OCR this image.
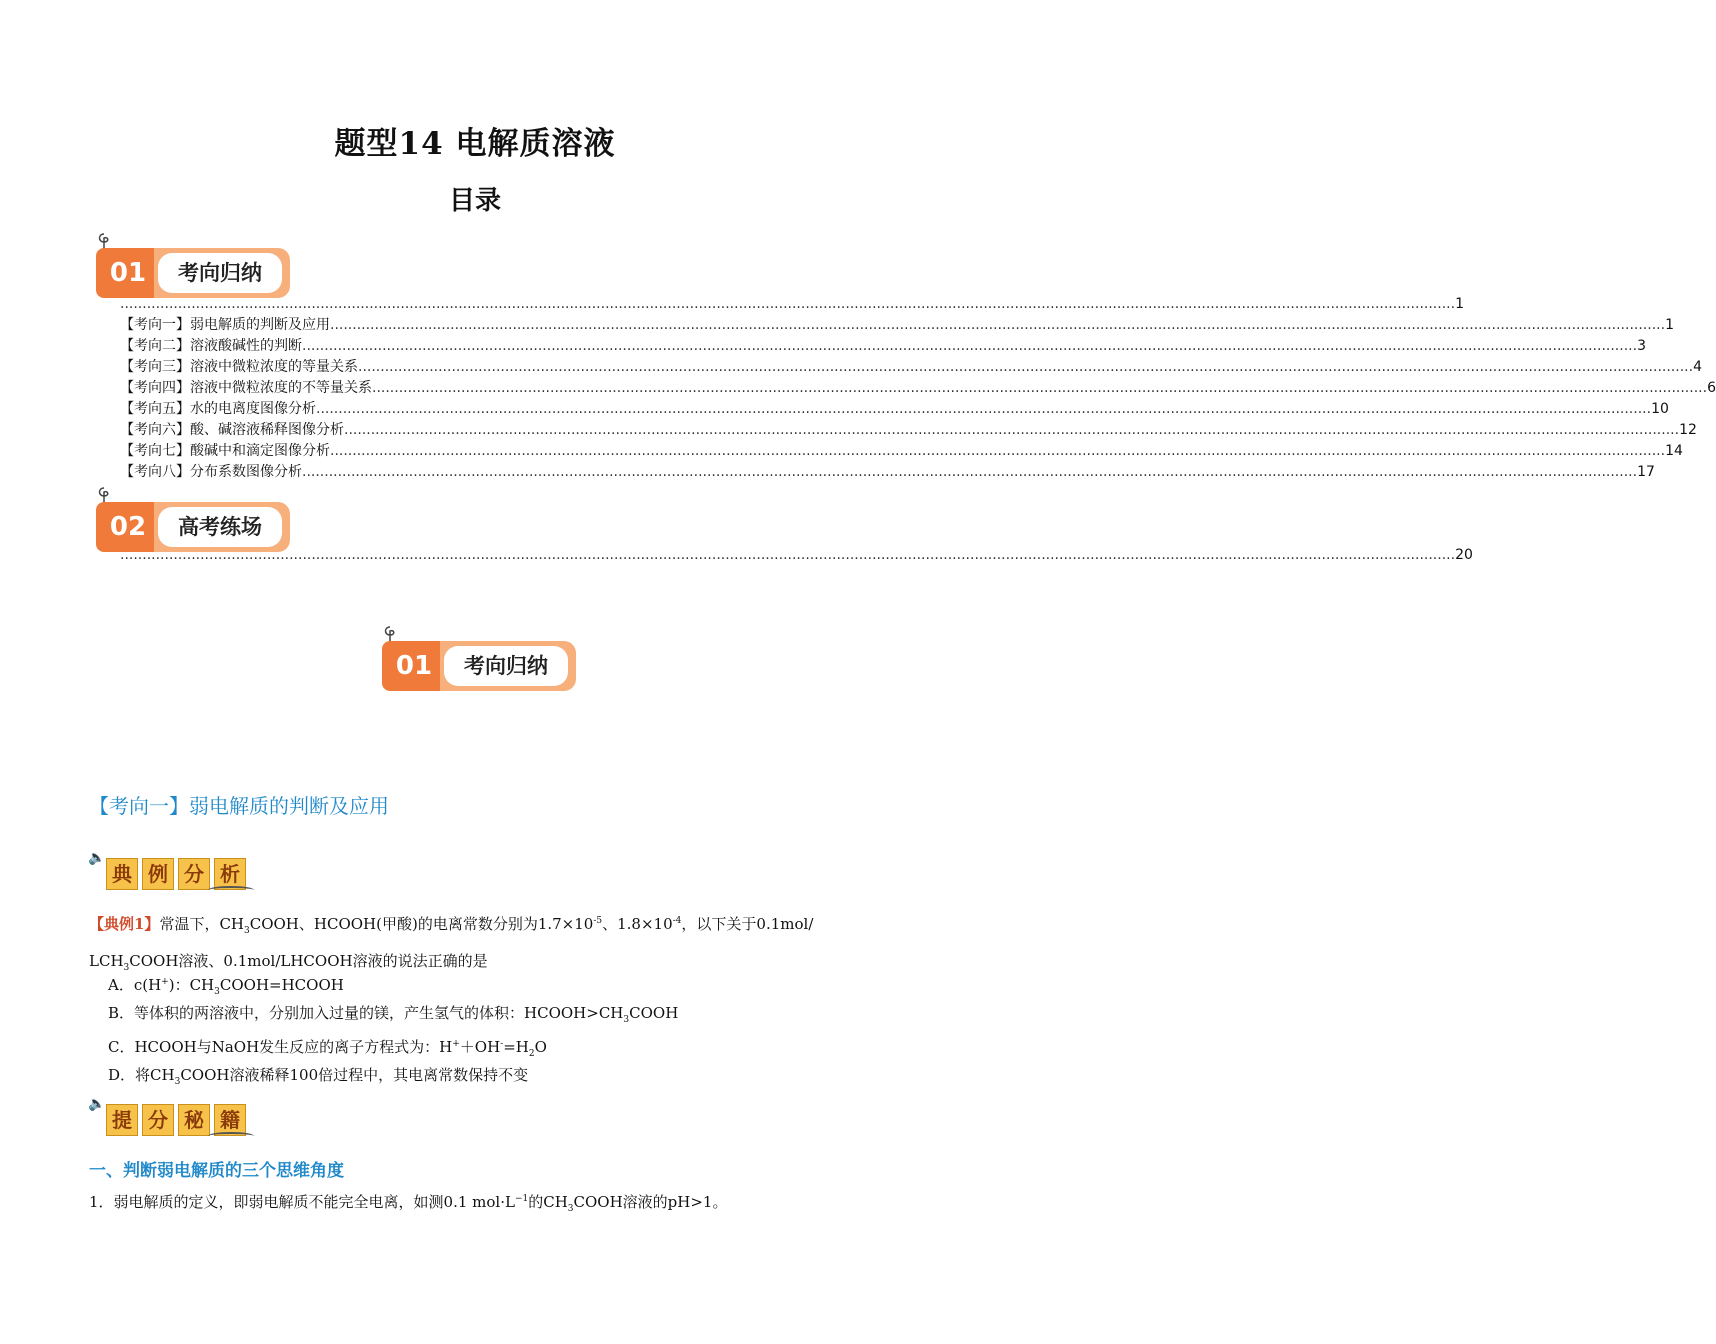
题型14 电解质溶液
目录
01	考向归纳
............................................................................................................................................................................................................................................................................................................ 1
【考向一】弱电解质的判断及应用 ............................................................................................................................................................................................................................................................................................................ 1
【考向二】溶液酸碱性的判断 ............................................................................................................................................................................................................................................................................................................ 3
【考向三】溶液中微粒浓度的等量关系 ............................................................................................................................................................................................................................................................................................................ 4
【考向四】溶液中微粒浓度的不等量关系 ............................................................................................................................................................................................................................................................................................................ 6
【考向五】水的电离度图像分析 ............................................................................................................................................................................................................................................................................................................ 10
【考向六】酸、碱溶液稀释图像分析 ............................................................................................................................................................................................................................................................................................................ 12
【考向七】酸碱中和滴定图像分析 ............................................................................................................................................................................................................................................................................................................ 14
【考向八】分布系数图像分析 ............................................................................................................................................................................................................................................................................................................ 17
02	高考练场
............................................................................................................................................................................................................................................................................................................ 20
01	考向归纳
【考向一】弱电解质的判断及应用
🔈
典 例 分 析
【典例1】常温下，$CH_3COOH$、HCOOH(甲酸)的电离常数分别为$1.7\times 10^{-5}$、$1.8\times 10^{-4}$，以下关于0.1mol/
$LCH_3COOH$溶液、0.1mol/LHCOOH溶液的说法正确的是
A．c(H+)：$CH_3COOH=HCOOH$
B．等体积的两溶液中，分别加入过量的镁，产生氢气的体积：$HCOOH>CH_3COOH$
C．HCOOH与NaOH发生反应的离子方程式为：$H^++OH^-=H_2O$
D．将$CH_3COOH$溶液稀释100倍过程中，其电离常数保持不变
🔈
提 分 秘 籍
一、判断弱电解质的三个思维角度
1．弱电解质的定义，即弱电解质不能完全电离，如测0.1 $mol\cdot L^{-1}$的$CH_3COOH$溶液的pH>1。
